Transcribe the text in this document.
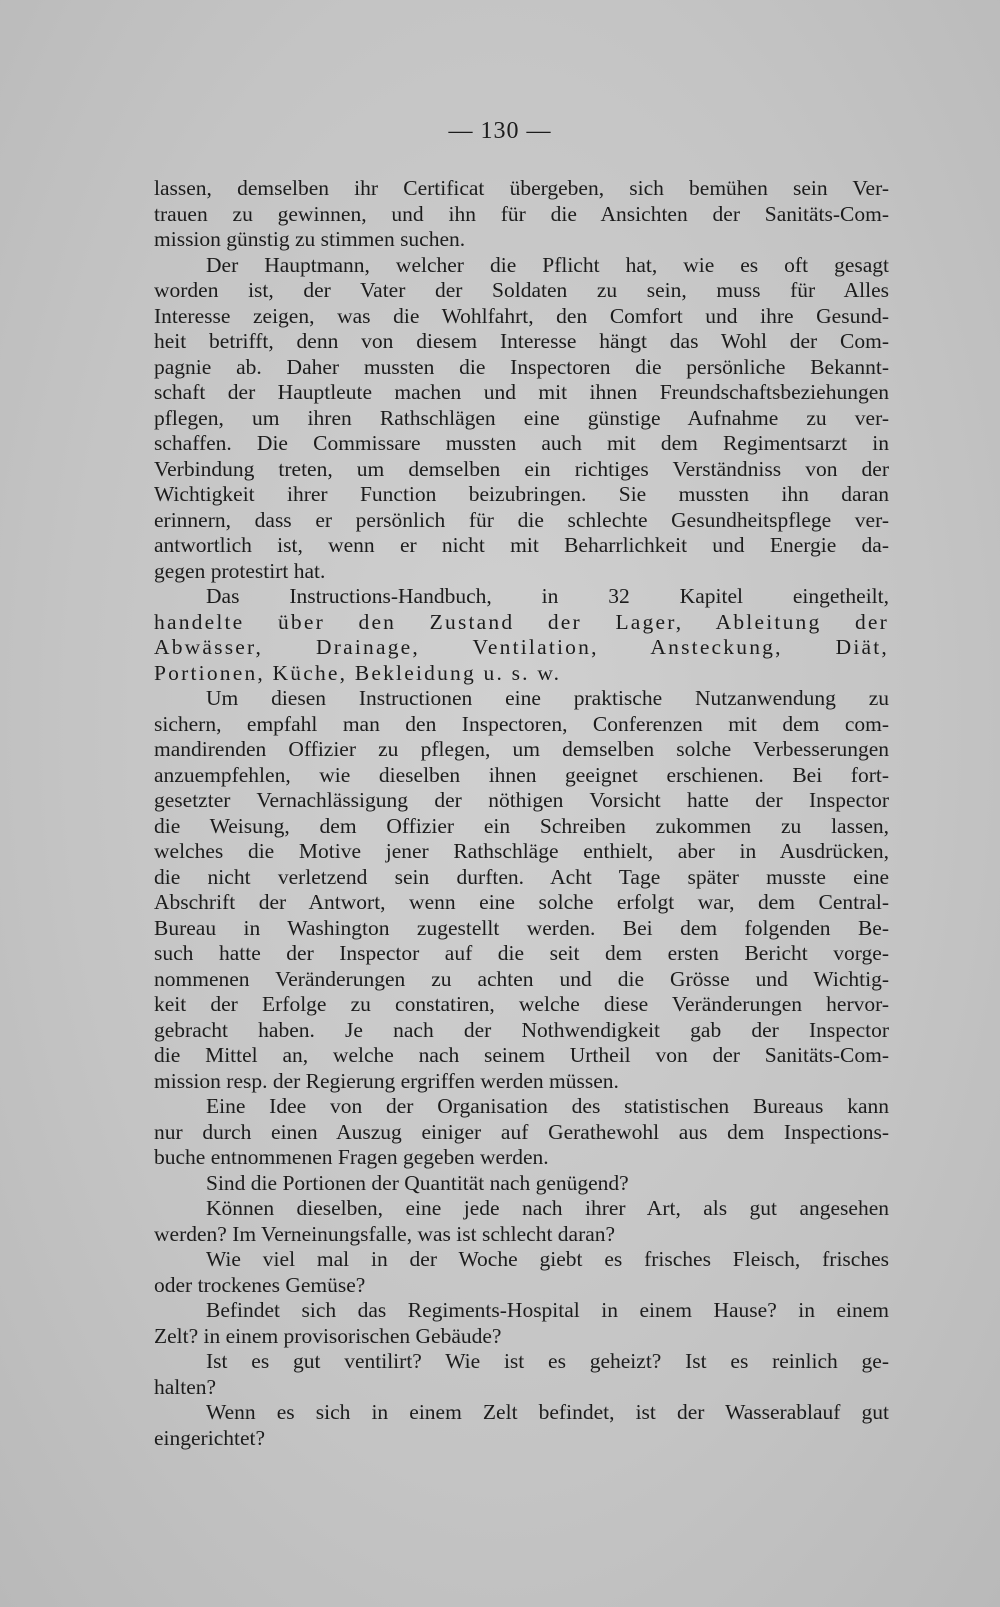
— 130 —
lassen, demselben ihr Certificat übergeben, sich bemühen sein Ver-
trauen zu gewinnen, und ihn für die Ansichten der Sanitäts-Com-
mission günstig zu stimmen suchen.
Der Hauptmann, welcher die Pflicht hat, wie es oft gesagt
worden ist, der Vater der Soldaten zu sein, muss für Alles
Interesse zeigen, was die Wohlfahrt, den Comfort und ihre Gesund-
heit betrifft, denn von diesem Interesse hängt das Wohl der Com-
pagnie ab. Daher mussten die Inspectoren die persönliche Bekannt-
schaft der Hauptleute machen und mit ihnen Freundschaftsbeziehungen
pflegen, um ihren Rathschlägen eine günstige Aufnahme zu ver-
schaffen. Die Commissare mussten auch mit dem Regimentsarzt in
Verbindung treten, um demselben ein richtiges Verständniss von der
Wichtigkeit ihrer Function beizubringen. Sie mussten ihn daran
erinnern, dass er persönlich für die schlechte Gesundheitspflege ver-
antwortlich ist, wenn er nicht mit Beharrlichkeit und Energie da-
gegen protestirt hat.
Das Instructions-Handbuch, in 32 Kapitel eingetheilt,
handelte über den Zustand der Lager, Ableitung der
Abwässer, Drainage, Ventilation, Ansteckung, Diät,
Portionen, Küche, Bekleidung u. s. w.
Um diesen Instructionen eine praktische Nutzanwendung zu
sichern, empfahl man den Inspectoren, Conferenzen mit dem com-
mandirenden Offizier zu pflegen, um demselben solche Verbesserungen
anzuempfehlen, wie dieselben ihnen geeignet erschienen. Bei fort-
gesetzter Vernachlässigung der nöthigen Vorsicht hatte der Inspector
die Weisung, dem Offizier ein Schreiben zukommen zu lassen,
welches die Motive jener Rathschläge enthielt, aber in Ausdrücken,
die nicht verletzend sein durften. Acht Tage später musste eine
Abschrift der Antwort, wenn eine solche erfolgt war, dem Central-
Bureau in Washington zugestellt werden. Bei dem folgenden Be-
such hatte der Inspector auf die seit dem ersten Bericht vorge-
nommenen Veränderungen zu achten und die Grösse und Wichtig-
keit der Erfolge zu constatiren, welche diese Veränderungen hervor-
gebracht haben. Je nach der Nothwendigkeit gab der Inspector
die Mittel an, welche nach seinem Urtheil von der Sanitäts-Com-
mission resp. der Regierung ergriffen werden müssen.
Eine Idee von der Organisation des statistischen Bureaus kann
nur durch einen Auszug einiger auf Gerathewohl aus dem Inspections-
buche entnommenen Fragen gegeben werden.
Sind die Portionen der Quantität nach genügend?
Können dieselben, eine jede nach ihrer Art, als gut angesehen
werden? Im Verneinungsfalle, was ist schlecht daran?
Wie viel mal in der Woche giebt es frisches Fleisch, frisches
oder trockenes Gemüse?
Befindet sich das Regiments-Hospital in einem Hause? in einem
Zelt? in einem provisorischen Gebäude?
Ist es gut ventilirt? Wie ist es geheizt? Ist es reinlich ge-
halten?
Wenn es sich in einem Zelt befindet, ist der Wasserablauf gut
eingerichtet?
